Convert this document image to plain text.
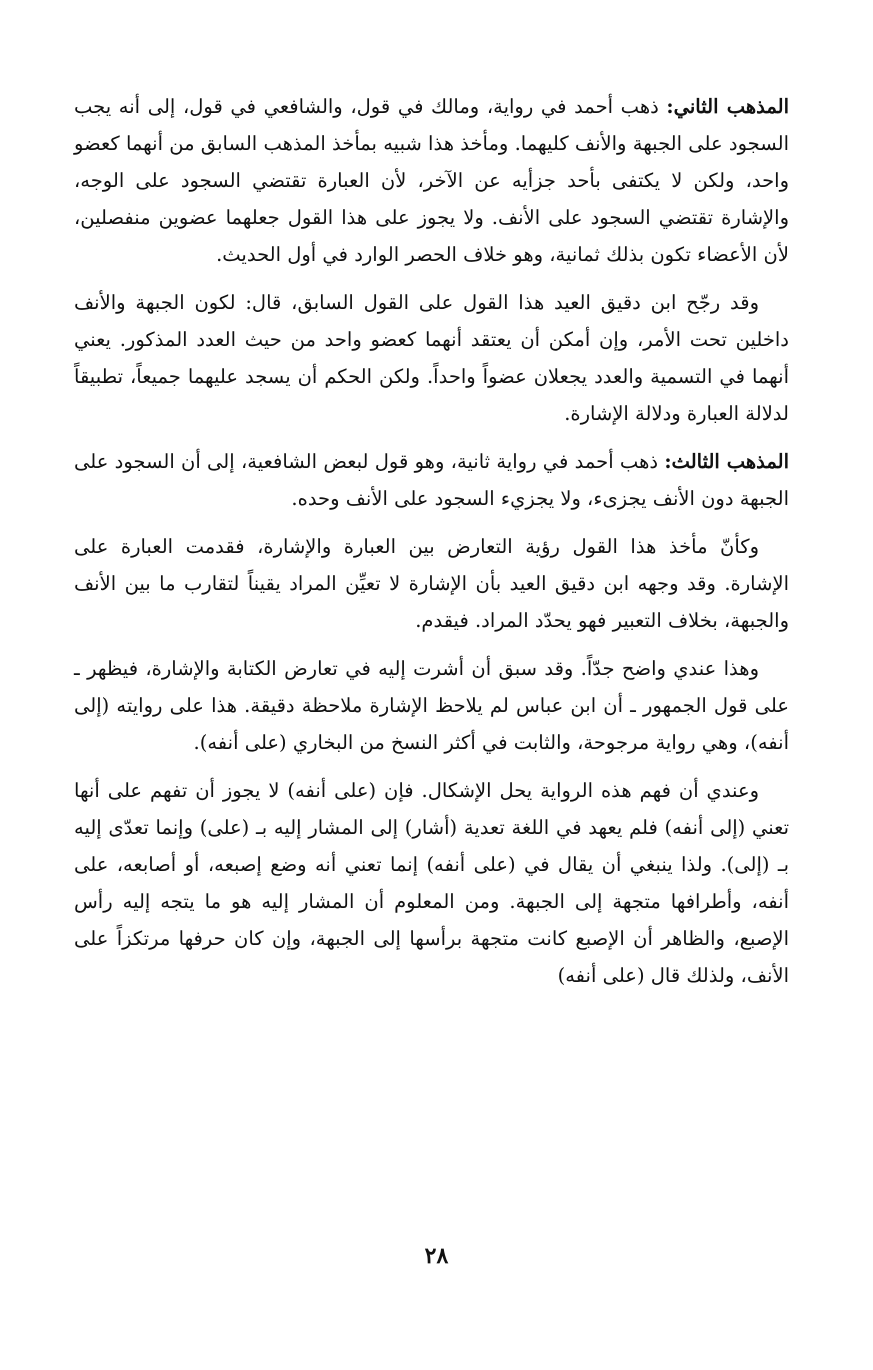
المذهب الثاني: ذهب أحمد في رواية، ومالك في قول، والشافعي في قول، إلى أنه يجب السجود على الجبهة والأنف كليهما. ومأخذ هذا شبيه بمأخذ المذهب السابق من أنهما كعضو واحد، ولكن لا يكتفى بأحد جزأيه عن الآخر، لأن العبارة تقتضي السجود على الوجه، والإشارة تقتضي السجود على الأنف. ولا يجوز على هذا القول جعلهما عضوين منفصلين، لأن الأعضاء تكون بذلك ثمانية، وهو خلاف الحصر الوارد في أول الحديث.

وقد رجّح ابن دقيق العيد هذا القول على القول السابق، قال: لكون الجبهة والأنف داخلين تحت الأمر، وإن أمكن أن يعتقد أنهما كعضو واحد من حيث العدد المذكور. يعني أنهما في التسمية والعدد يجعلان عضواً واحداً. ولكن الحكم أن يسجد عليهما جميعاً، تطبيقاً لدلالة العبارة ودلالة الإشارة.

المذهب الثالث: ذهب أحمد في رواية ثانية، وهو قول لبعض الشافعية، إلى أن السجود على الجبهة دون الأنف يجزىء، ولا يجزيء السجود على الأنف وحده.

وكأنّ مأخذ هذا القول رؤية التعارض بين العبارة والإشارة، فقدمت العبارة على الإشارة. وقد وجهه ابن دقيق العيد بأن الإشارة لا تعيِّن المراد يقيناً لتقارب ما بين الأنف والجبهة، بخلاف التعبير فهو يحدّد المراد. فيقدم.

وهذا عندي واضح جدّاً. وقد سبق أن أشرت إليه في تعارض الكتابة والإشارة، فيظهر ـ على قول الجمهور ـ أن ابن عباس لم يلاحظ الإشارة ملاحظة دقيقة. هذا على روايته (إلى أنفه)، وهي رواية مرجوحة، والثابت في أكثر النسخ من البخاري (على أنفه).

وعندي أن فهم هذه الرواية يحل الإشكال. فإن (على أنفه) لا يجوز أن تفهم على أنها تعني (إلى أنفه) فلم يعهد في اللغة تعدية (أشار) إلى المشار إليه بـ (على) وإنما تعدّى إليه بـ (إلى). ولذا ينبغي أن يقال في (على أنفه) إنما تعني أنه وضع إصبعه، أو أصابعه، على أنفه، وأطرافها متجهة إلى الجبهة. ومن المعلوم أن المشار إليه هو ما يتجه إليه رأس الإصبع، والظاهر أن الإصبع كانت متجهة برأسها إلى الجبهة، وإن كان حرفها مرتكزاً على الأنف، ولذلك قال (على أنفه)

٢٨
